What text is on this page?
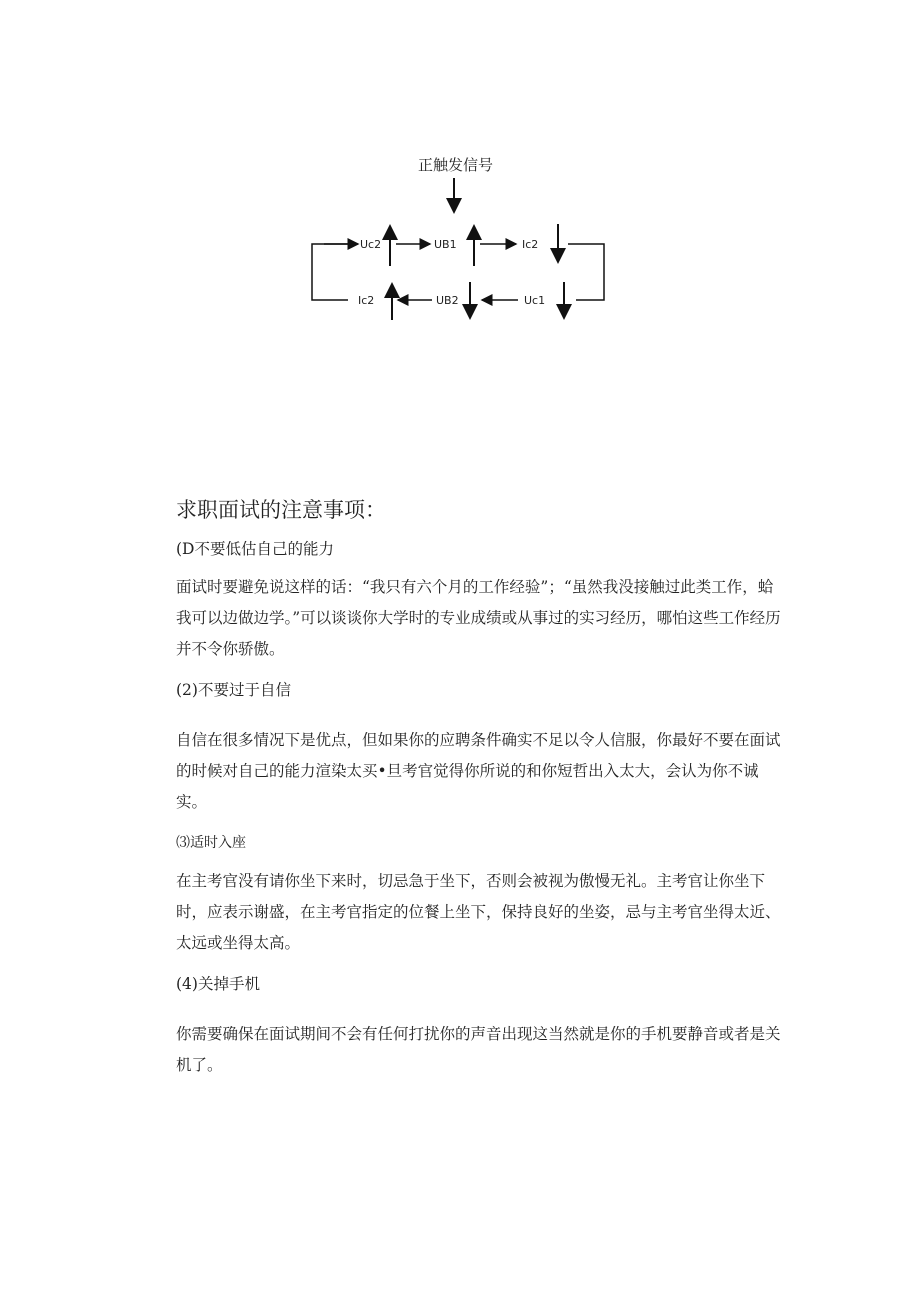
正触发信号
Uc2	UB1	Ic2
Uc1
UB2
Ic2
求职面试的注意事项：
(D不要低估自己的能力

面试时要避免说这样的话：“我只有六个月的工作经验”；“虽然我没接触过此类工作，蛤我可以边做边学。”可以谈谈你大学时的专业成绩或从事过的实习经历，哪怕这些工作经历并不令你骄傲。

(2)不要过于自信

自信在很多情况下是优点，但如果你的应聘条件确实不足以令人信服，你最好不要在面试的时候对自己的能力渲染太买•旦考官觉得你所说的和你短哲出入太大，会认为你不诚实。

⑶适时入座

在主考官没有请你坐下来时，切忌急于坐下，否则会被视为傲慢无礼。主考官让你坐下时，应表示谢盛，在主考官指定的位餐上坐下，保持良好的坐姿，忌与主考官坐得太近、太远或坐得太高。

(4)关掉手机

你需要确保在面试期间不会有任何打扰你的声音出现这当然就是你的手机要静音或者是关机了。
